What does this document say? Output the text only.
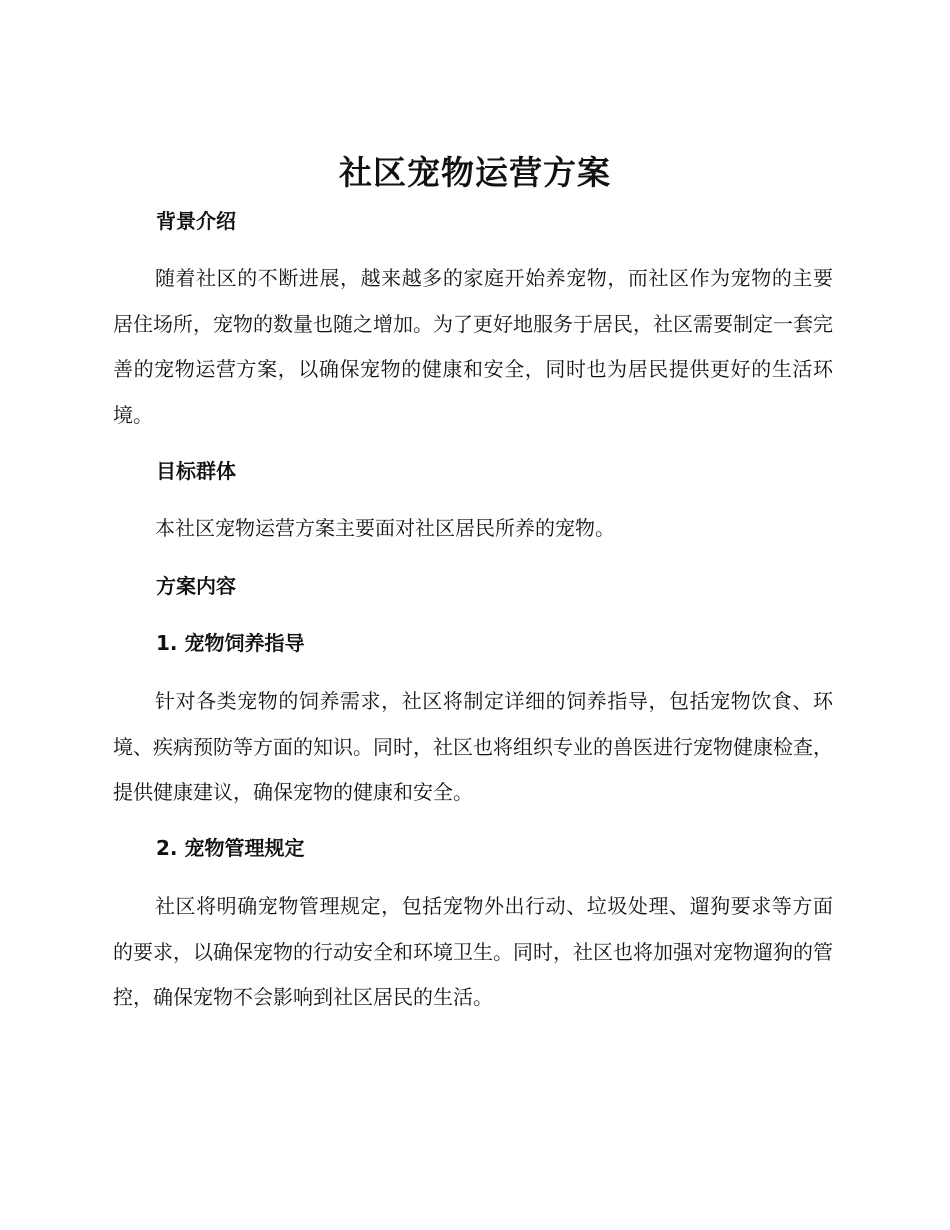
社区宠物运营方案
背景介绍

随着社区的不断进展，越来越多的家庭开始养宠物，而社区作为宠物的主要居住场所，宠物的数量也随之增加。为了更好地服务于居民，社区需要制定一套完善的宠物运营方案，以确保宠物的健康和安全，同时也为居民提供更好的生活环境。

目标群体

本社区宠物运营方案主要面对社区居民所养的宠物。

方案内容
1. 宠物饲养指导

针对各类宠物的饲养需求，社区将制定详细的饲养指导，包括宠物饮食、环境、疾病预防等方面的知识。同时，社区也将组织专业的兽医进行宠物健康检查，提供健康建议，确保宠物的健康和安全。

2. 宠物管理规定

社区将明确宠物管理规定，包括宠物外出行动、垃圾处理、遛狗要求等方面的要求，以确保宠物的行动安全和环境卫生。同时，社区也将加强对宠物遛狗的管控，确保宠物不会影响到社区居民的生活。
